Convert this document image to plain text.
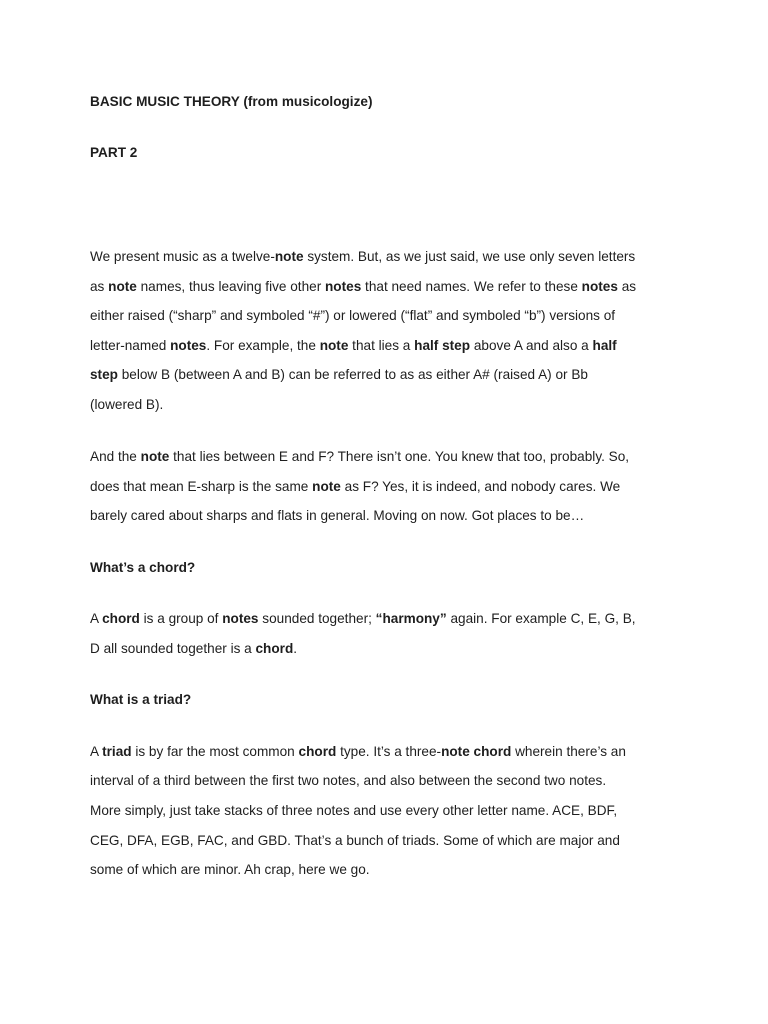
BASIC MUSIC THEORY (from musicologize)
PART 2
We present music as a twelve-note system. But, as we just said, we use only seven letters
as note names, thus leaving five other notes that need names. We refer to these notes as
either raised (“sharp” and symboled “#”) or lowered (“flat” and symboled “b”) versions of
letter-named notes. For example, the note that lies a half step above A and also a half
step below B (between A and B) can be referred to as as either A# (raised A) or Bb
(lowered B).
And the note that lies between E and F? There isn’t one. You knew that too, probably. So,
does that mean E-sharp is the same note as F? Yes, it is indeed, and nobody cares. We
barely cared about sharps and flats in general. Moving on now. Got places to be…
What’s a chord?
A chord is a group of notes sounded together; “harmony” again. For example C, E, G, B,
D all sounded together is a chord.
What is a triad?
A triad is by far the most common chord type. It’s a three-note chord wherein there’s an
interval of a third between the first two notes, and also between the second two notes.
More simply, just take stacks of three notes and use every other letter name. ACE, BDF,
CEG, DFA, EGB, FAC, and GBD. That’s a bunch of triads. Some of which are major and
some of which are minor. Ah crap, here we go.
